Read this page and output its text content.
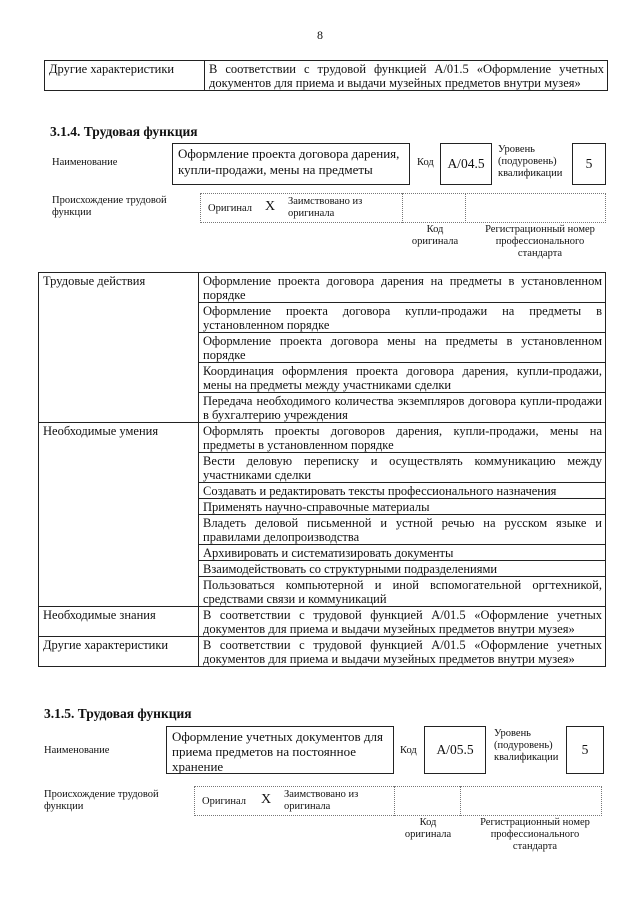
8
Другие характеристики	В соответствии с трудовой функцией А/01.5 «Оформление учетных документов для приема и выдачи музейных предметов внутри музея»
3.1.4. Трудовая функция
Наименование
Оформление проекта договора дарения, купли-продажи, мены на предметы	Код	А/04.5
Уровень (подуровень) квалификации
5
Происхождение трудовой функции	Оригинал X Заимствовано из оригинала
Код оригинала
Регистрационный номер профессионального стандарта
Трудовые действия	Оформление проекта договора дарения на предметы в установленном порядке
	Оформление проекта договора купли-продажи на предметы в установленном порядке
	Оформление проекта договора мены на предметы в установленном порядке
	Координация оформления проекта договора дарения, купли-продажи, мены на предметы между участниками сделки
	Передача необходимого количества экземпляров договора купли-продажи в бухгалтерию учреждения
Необходимые умения	Оформлять проекты договоров дарения, купли-продажи, мены на предметы в установленном порядке
	Вести деловую переписку и осуществлять коммуникацию между участниками сделки
	Создавать и редактировать тексты профессионального назначения
	Применять научно-справочные материалы
	Владеть деловой письменной и устной речью на русском языке и правилами делопроизводства
	Архивировать и систематизировать документы
	Взаимодействовать со структурными подразделениями
	Пользоваться компьютерной и иной вспомогательной оргтехникой, средствами связи и коммуникаций
Необходимые знания	В соответствии с трудовой функцией А/01.5 «Оформление учетных документов для приема и выдачи музейных предметов внутри музея»
Другие характеристики	В соответствии с трудовой функцией А/01.5 «Оформление учетных документов для приема и выдачи музейных предметов внутри музея»
3.1.5. Трудовая функция
Наименование
Оформление учетных документов для приема предметов на постоянное хранение
Код	А/05.5
Уровень (подуровень) квалификации
5
Происхождение трудовой функции	Оригинал X Заимствовано из оригинала
Код оригинала
Регистрационный номер профессионального стандарта
